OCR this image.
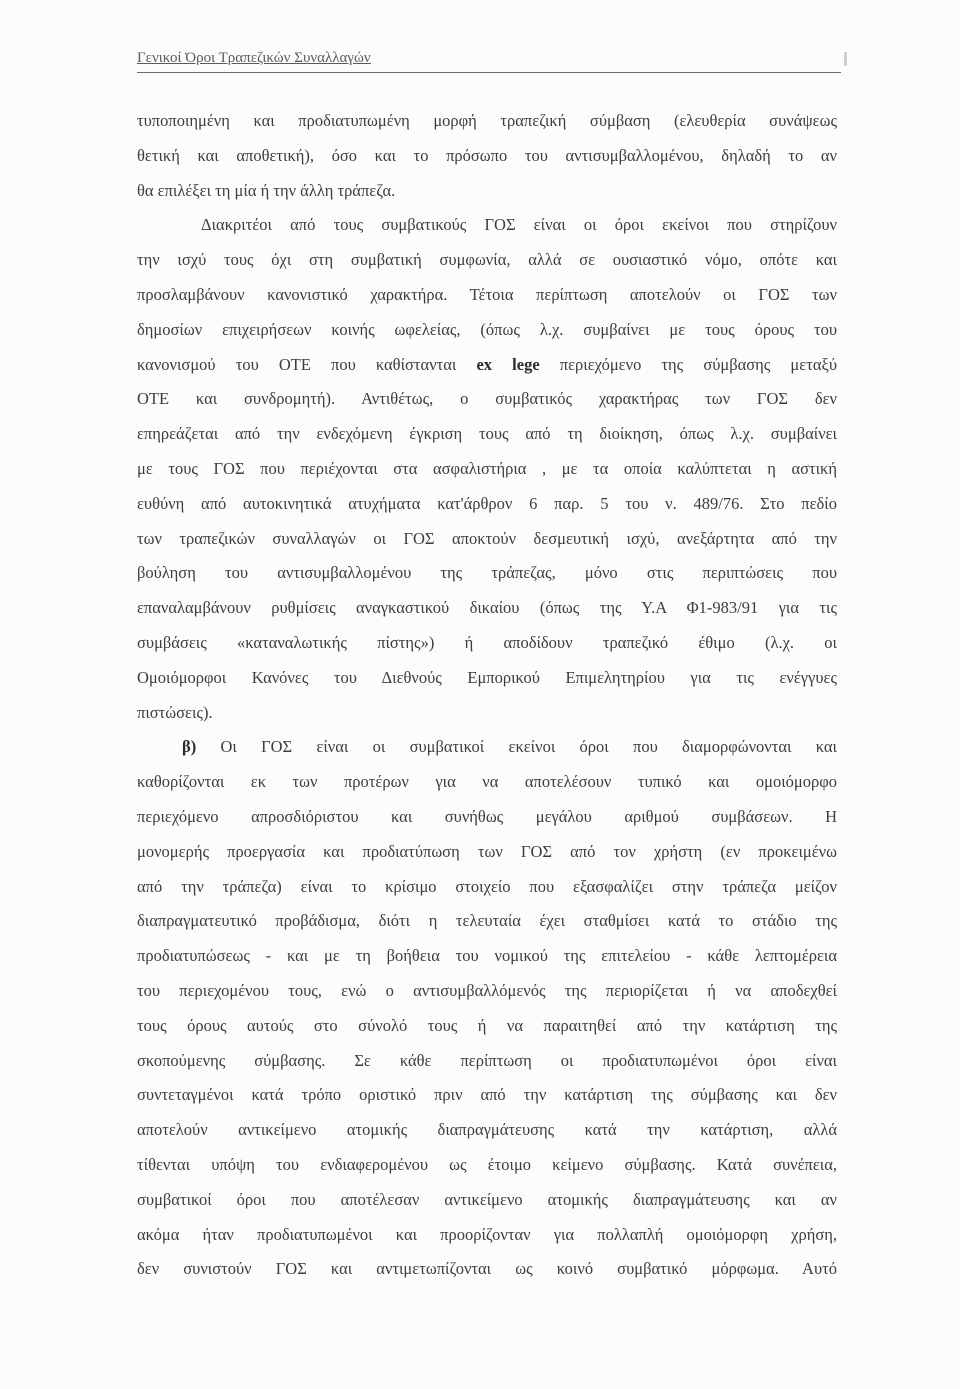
Γενικοί Όροι Τραπεζικών Συναλλαγών
τυποποιημένη και προδιατυπωμένη μορφή τραπεζική σύμβαση (ελευθερία συνάψεως
θετική και αποθετική), όσο και το πρόσωπο του αντισυμβαλλομένου, δηλαδή το αν
θα επιλέξει τη μία ή την άλλη τράπεζα.
Διακριτέοι από τους συμβατικούς ΓΟΣ είναι οι όροι εκείνοι που στηρίζουν
την ισχύ τους όχι στη συμβατική συμφωνία, αλλά σε ουσιαστικό νόμο, οπότε και
προσλαμβάνουν κανονιστικό χαρακτήρα. Τέτοια περίπτωση αποτελούν οι ΓΟΣ των
δημοσίων επιχειρήσεων κοινής ωφελείας, (όπως λ.χ. συμβαίνει με τους όρους του
κανονισμού του ΟΤΕ που καθίστανται ex lege περιεχόμενο της σύμβασης μεταξύ
ΟΤΕ και συνδρομητή). Αντιθέτως, ο συμβατικός χαρακτήρας των ΓΟΣ δεν
επηρεάζεται από την ενδεχόμενη έγκριση τους από τη διοίκηση, όπως λ.χ. συμβαίνει
με τους ΓΟΣ που περιέχονται στα ασφαλιστήρια , με τα οποία καλύπτεται η αστική
ευθύνη από αυτοκινητικά ατυχήματα κατ'άρθρον 6 παρ. 5 του ν. 489/76. Στο πεδίο
των τραπεζικών συναλλαγών οι ΓΟΣ αποκτούν δεσμευτική ισχύ, ανεξάρτητα από την
βούληση του αντισυμβαλλομένου της τράπεζας, μόνο στις περιπτώσεις που
επαναλαμβάνουν ρυθμίσεις αναγκαστικού δικαίου (όπως της Υ.Α Φ1-983/91 για τις
συμβάσεις «καταναλωτικής πίστης») ή αποδίδουν τραπεζικό έθιμο (λ.χ. οι
Ομοιόμορφοι Κανόνες του Διεθνούς Εμπορικού Επιμελητηρίου για τις ενέγγυες
πιστώσεις).
β) Οι ΓΟΣ είναι οι συμβατικοί εκείνοι όροι που διαμορφώνονται και
καθορίζονται εκ των προτέρων για να αποτελέσουν τυπικό και ομοιόμορφο
περιεχόμενο απροσδιόριστου και συνήθως μεγάλου αριθμού συμβάσεων. Η
μονομερής προεργασία και προδιατύπωση των ΓΟΣ από τον χρήστη (εν προκειμένω
από την τράπεζα) είναι το κρίσιμο στοιχείο που εξασφαλίζει στην τράπεζα μείζον
διαπραγματευτικό προβάδισμα, διότι η τελευταία έχει σταθμίσει κατά το στάδιο της
προδιατυπώσεως - και με τη βοήθεια του νομικού της επιτελείου - κάθε λεπτομέρεια
του περιεχομένου τους, ενώ ο αντισυμβαλλόμενός της περιορίζεται ή να αποδεχθεί
τους όρους αυτούς στο σύνολό τους ή να παραιτηθεί από την κατάρτιση της
σκοπούμενης σύμβασης. Σε κάθε περίπτωση οι προδιατυπωμένοι όροι είναι
συντεταγμένοι κατά τρόπο οριστικό πριν από την κατάρτιση της σύμβασης και δεν
αποτελούν αντικείμενο ατομικής διαπραγμάτευσης κατά την κατάρτιση, αλλά
τίθενται υπόψη του ενδιαφερομένου ως έτοιμο κείμενο σύμβασης. Κατά συνέπεια,
συμβατικοί όροι που αποτέλεσαν αντικείμενο ατομικής διαπραγμάτευσης και αν
ακόμα ήταν προδιατυπωμένοι και προορίζονταν για πολλαπλή ομοιόμορφη χρήση,
δεν συνιστούν ΓΟΣ και αντιμετωπίζονται ως κοινό συμβατικό μόρφωμα. Αυτό
